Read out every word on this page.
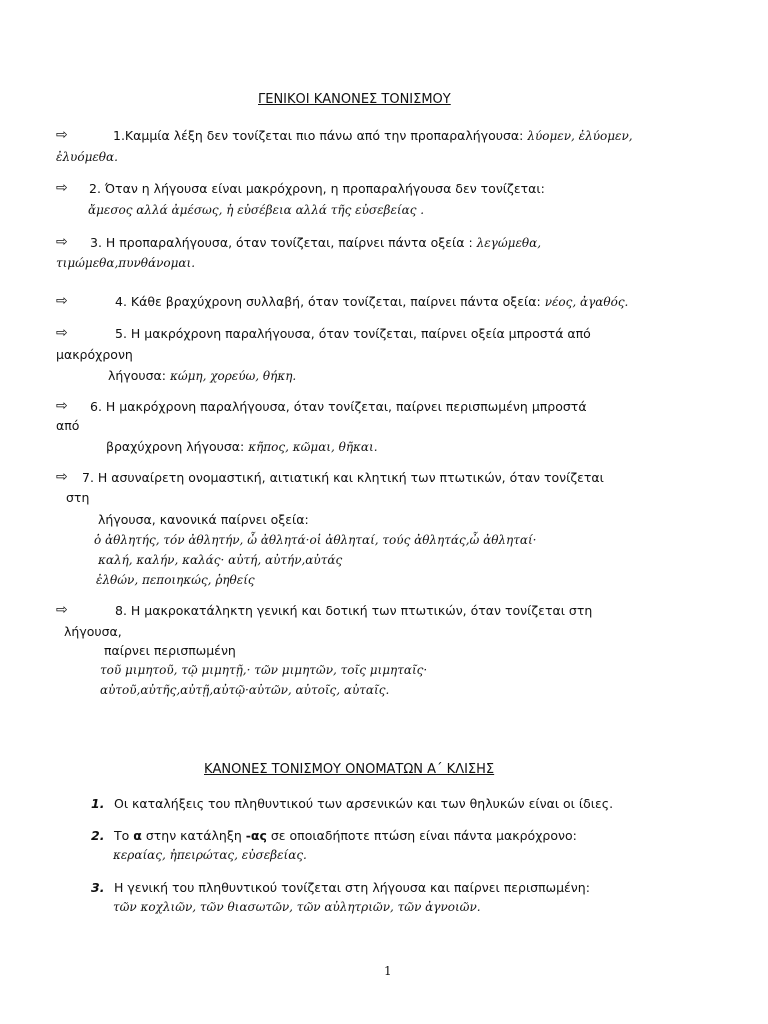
ΓΕΝΙΚΟΙ ΚΑΝΟΝΕΣ ΤΟΝΙΣΜΟΥ
⇨	1.Καμμία λέξη δεν τονίζεται πιο πάνω από την προπαραλήγουσα: λύομεν, ἐλύομεν,
ἐλυόμεθα.
⇨ 2. Όταν η λήγουσα είναι μακρόχρονη, η προπαραλήγουσα δεν τονίζεται:
ἄμεσος αλλά ἀμέσως, ἡ εὐσέβεια αλλά τῆς εὐσεβείας .
⇨ 3. Η προπαραλήγουσα, όταν τονίζεται, παίρνει πάντα οξεία : λεγώμεθα,
τιμώμεθα,πυνθάνομαι.
⇨	4. Κάθε βραχύχρονη συλλαβή, όταν τονίζεται, παίρνει πάντα οξεία: νέος, ἀγαθός.
⇨	5. Η μακρόχρονη παραλήγουσα, όταν τονίζεται, παίρνει οξεία μπροστά από
μακρόχρονη
λήγουσα: κώμη, χορεύω, θήκη.
⇨ 6. Η μακρόχρονη παραλήγουσα, όταν τονίζεται, παίρνει περισπωμένη μπροστά
από
βραχύχρονη λήγουσα: κῆπος, κῶμαι, θῆκαι.
⇨ 7. Η ασυναίρετη ονομαστική, αιτιατική και κλητική των πτωτικών, όταν τονίζεται
στη
λήγουσα, κανονικά παίρνει οξεία:
ὁ ἀθλητής, τόν ἀθλητήν, ὦ ἀθλητά·οἱ ἀθληταί, τούς ἀθλητάς,ὦ ἀθληταί·
καλή, καλήν, καλάς· αὐτή, αὐτήν,αὐτάς
ἐλθών, πεποιηκώς, ῥηθείς
⇨	8. Η μακροκατάληκτη γενική και δοτική των πτωτικών, όταν τονίζεται στη
λήγουσα,
παίρνει περισπωμένη
τοῦ μιμητοῦ, τῷ μιμητῇ,· τῶν μιμητῶν, τοῖς μιμηταῖς·
αὐτοῦ,αὐτῆς,αὐτῇ,αὐτῷ·αὐτῶν, αὐτοῖς, αὐταῖς.
ΚΑΝΟΝΕΣ ΤΟΝΙΣΜΟΥ ΟΝΟΜΑΤΩΝ Α΄ ΚΛΙΣΗΣ
1. Οι καταλήξεις του πληθυντικού των αρσενικών και των θηλυκών είναι οι ίδιες.
2. Το α στην κατάληξη -ας σε οποιαδήποτε πτώση είναι πάντα μακρόχρονο:
κεραίας, ἠπειρώτας, εὐσεβείας.
3. Η γενική του πληθυντικού τονίζεται στη λήγουσα και παίρνει περισπωμένη:
τῶν κοχλιῶν, τῶν θιασωτῶν, τῶν αὐλητριῶν, τῶν ἀγνοιῶν.
1
